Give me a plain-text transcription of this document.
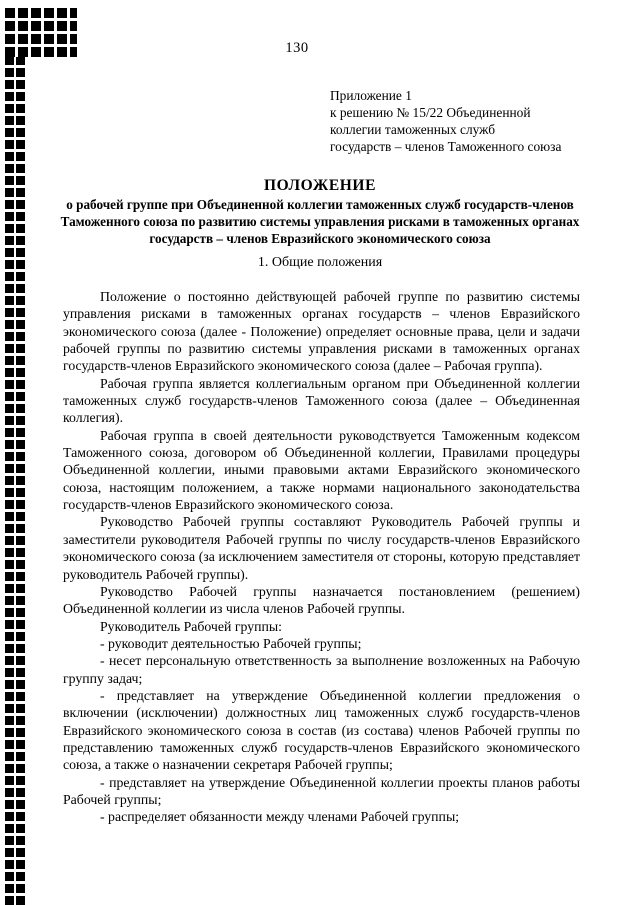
130
Приложение 1
к решению № 15/22 Объединенной
коллегии таможенных служб
государств – членов Таможенного союза
ПОЛОЖЕНИЕ
о рабочей группе при Объединенной коллегии таможенных служб государств-членов Таможенного союза по развитию системы управления рисками в таможенных органах государств – членов Евразийского экономического союза
1. Общие положения

Положение о постоянно действующей рабочей группе по развитию системы управления рисками в таможенных органах государств – членов Евразийского экономического союза (далее - Положение) определяет основные права, цели и задачи рабочей группы по развитию системы управления рисками в таможенных органах государств-членов Евразийского экономического союза (далее – Рабочая группа).

Рабочая группа является коллегиальным органом при Объединенной коллегии таможенных служб государств-членов Таможенного союза (далее – Объединенная коллегия).

Рабочая группа в своей деятельности руководствуется Таможенным кодексом Таможенного союза, договором об Объединенной коллегии, Правилами процедуры Объединенной коллегии, иными правовыми актами Евразийского экономического союза, настоящим положением, а также нормами национального законодательства государств-членов Евразийского экономического союза.

Руководство Рабочей группы составляют Руководитель Рабочей группы и заместители руководителя Рабочей группы по числу государств-членов Евразийского экономического союза (за исключением заместителя от стороны, которую представляет руководитель Рабочей группы).

Руководство Рабочей группы назначается постановлением (решением) Объединенной коллегии из числа членов Рабочей группы.

Руководитель Рабочей группы:

- руководит деятельностью Рабочей группы;

- несет персональную ответственность за выполнение возложенных на Рабочую группу задач;

- представляет на утверждение Объединенной коллегии предложения о включении (исключении) должностных лиц таможенных служб государств-членов Евразийского экономического союза в состав (из состава) членов Рабочей группы по представлению таможенных служб государств-членов Евразийского экономического союза, а также о назначении секретаря Рабочей группы;

- представляет на утверждение Объединенной коллегии проекты планов работы Рабочей группы;

- распределяет обязанности между членами Рабочей группы;
